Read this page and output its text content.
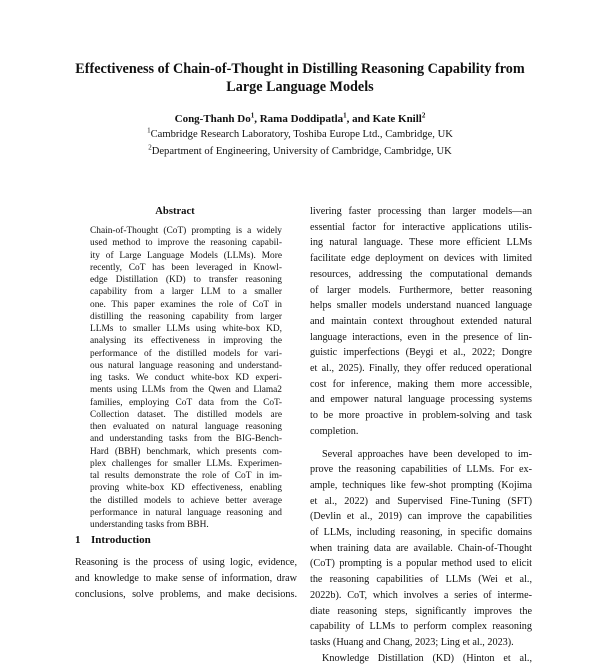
Effectiveness of Chain-of-Thought in Distilling Reasoning Capability from
Large Language Models
Cong-Thanh Do$^1$, Rama Doddipatla$^1$, and Kate Knill$^2$
$^1$Cambridge Research Laboratory, Toshiba Europe Ltd., Cambridge, UK
$^2$Department of Engineering, University of Cambridge, Cambridge, UK
Abstract
Chain-of-Thought (CoT) prompting is a widely
used method to improve the reasoning capabil-
ity of Large Language Models (LLMs). More
recently, CoT has been leveraged in Knowl-
edge Distillation (KD) to transfer reasoning
capability from a larger LLM to a smaller
one. This paper examines the role of CoT in
distilling the reasoning capability from larger
LLMs to smaller LLMs using white-box KD,
analysing its effectiveness in improving the
performance of the distilled models for vari-
ous natural language reasoning and understand-
ing tasks. We conduct white-box KD experi-
ments using LLMs from the Qwen and Llama2
families, employing CoT data from the CoT-
Collection dataset. The distilled models are
then evaluated on natural language reasoning
and understanding tasks from the BIG-Bench-
Hard (BBH) benchmark, which presents com-
plex challenges for smaller LLMs. Experimen-
tal results demonstrate the role of CoT in im-
proving white-box KD effectiveness, enabling
the distilled models to achieve better average
performance in natural language reasoning and
understanding tasks from BBH.
1 Introduction
Reasoning is the process of using logic, evidence,
and knowledge to make sense of information, draw
conclusions, solve problems, and make decisions.

livering faster processing than larger models—an
essential factor for interactive applications utilis-
ing natural language. These more efficient LLMs
facilitate edge deployment on devices with limited
resources, addressing the computational demands
of larger models. Furthermore, better reasoning
helps smaller models understand nuanced language
and maintain context throughout extended natural
language interactions, even in the presence of lin-
guistic imperfections (Beygi et al., 2022; Dongre
et al., 2025). Finally, they offer reduced operational
cost for inference, making them more accessible,
and empower natural language processing systems
to be more proactive in problem-solving and task
completion.

Several approaches have been developed to im-
prove the reasoning capabilities of LLMs. For ex-
ample, techniques like few-shot prompting (Kojima
et al., 2022) and Supervised Fine-Tuning (SFT)
(Devlin et al., 2019) can improve the capabilities
of LLMs, including reasoning, in specific domains
when training data are available. Chain-of-Thought
(CoT) prompting is a popular method used to elicit
the reasoning capabilities of LLMs (Wei et al.,
2022b). CoT, which involves a series of interme-
diate reasoning steps, significantly improves the
capability of LLMs to perform complex reasoning
tasks (Huang and Chang, 2023; Ling et al., 2023).

Knowledge Distillation (KD) (Hinton et al.,
